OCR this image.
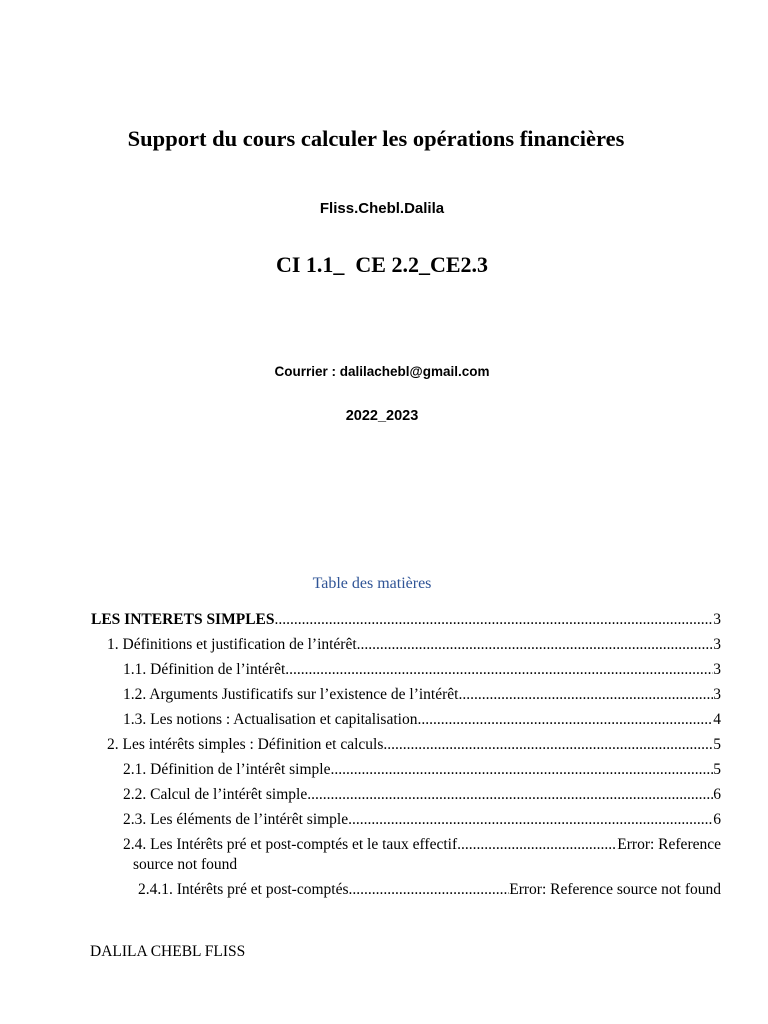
Support du cours calculer les opérations financières
Fliss.Chebl.Dalila
CI 1.1_  CE 2.2_CE2.3
Courrier : dalilachebl@gmail.com
2022_2023
Table des matières
LES INTERETS SIMPLES .....	3
1. Définitions et justification de l’intérêt .....	3
1.1. Définition de l’intérêt .....	3
1.2. Arguments Justificatifs sur l’existence de l’intérêt .....	3
1.3. Les notions : Actualisation et capitalisation .....	4
2. Les intérêts simples : Définition et calculs .....	5
2.1. Définition de l’intérêt simple .....	5
2.2. Calcul de l’intérêt simple .....	6
2.3. Les éléments de l’intérêt simple .....	6
2.4. Les Intérêts pré et post-comptés et le taux effectif .....	Error: Reference
source not found
2.4.1. Intérêts pré et post-comptés .....	Error: Reference source not found
DALILA CHEBL FLISS
